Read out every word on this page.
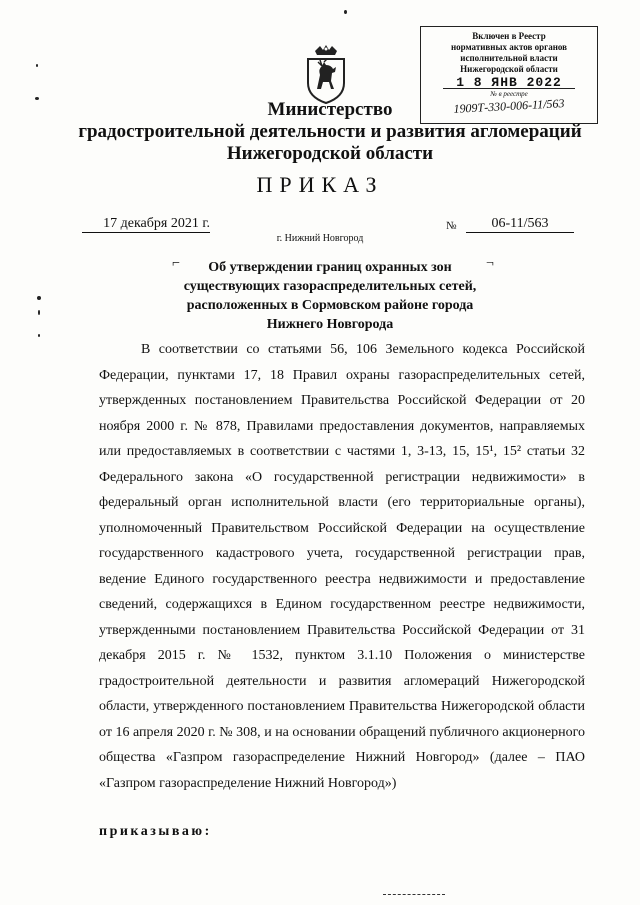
Включен в Реестр
нормативных актов органов
исполнительной власти
Нижегородской области
1 8 ЯНВ 2022
№ в реестре
1909Т-330-006-11/563
Министерство
градостроительной деятельности и развития агломераций
Нижегородской области
ПРИКАЗ
17 декабря 2021 г.	№	06-11/563
г. Нижний Новгород
⌐	¬
Об утверждении границ охранных зон
существующих газораспределительных сетей,
расположенных в Сормовском районе города
Нижнего Новгорода

В соответствии со статьями 56, 106 Земельного кодекса Российской Федерации, пунктами 17, 18 Правил охраны газораспределительных сетей, утвержденных постановлением Правительства Российской Федерации от 20 ноября 2000 г. № 878, Правилами предоставления документов, направляемых или предоставляемых в соответствии с частями 1, 3-13, 15, 15¹, 15² статьи 32 Федерального закона «О государственной регистрации недвижимости» в федеральный орган исполнительной власти (его территориальные органы), уполномоченный Правительством Российской Федерации на осуществление государственного кадастрового учета, государственной регистрации прав, ведение Единого государственного реестра недвижимости и предоставление сведений, содержащихся в Едином государственном реестре недвижимости, утвержденными постановлением Правительства Российской Федерации от 31 декабря 2015 г. № 1532, пунктом 3.1.10 Положения о министерстве градостроительной деятельности и развития агломераций Нижегородской области, утвержденного постановлением Правительства Нижегородской области от 16 апреля 2020 г. № 308, и на основании обращений публичного акционерного общества «Газпром газораспределение Нижний Новгород» (далее – ПАО «Газпром газораспределение Нижний Новгород»)

приказываю:
